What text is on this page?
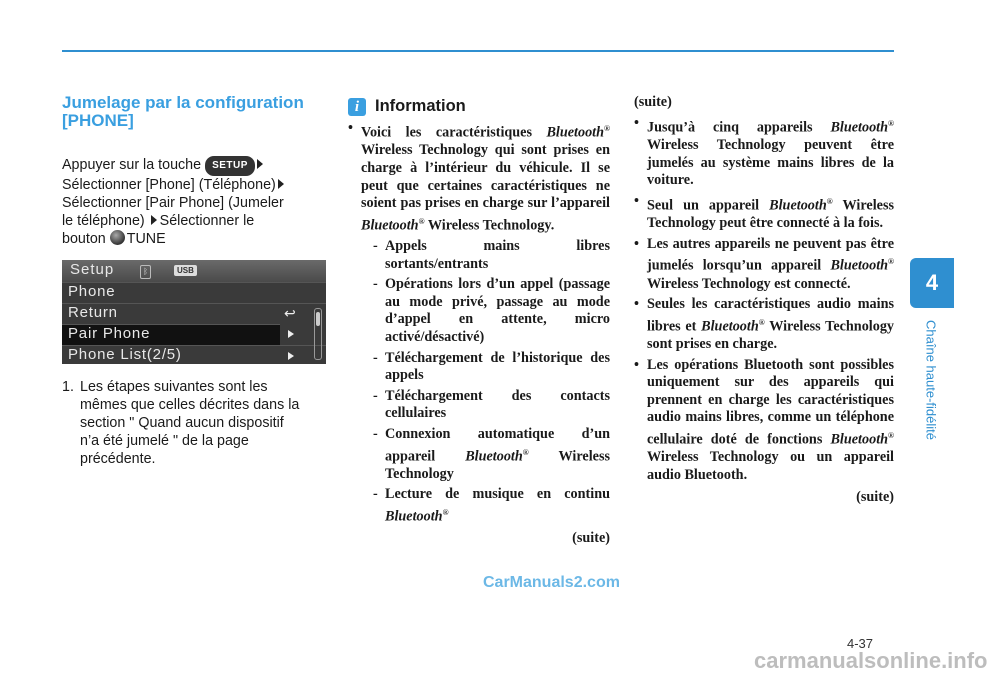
Jumelage par la configuration
[PHONE]
Appuyer sur la touche SETUP
Sélectionner [Phone] (Téléphone)
Sélectionner [Pair Phone] (Jumeler
le téléphone) Sélectionner le
bouton TUNE
Setup	ᛒ	USB
Phone
Return	↩
Pair Phone
Phone List(2/5)
1. Les étapes suivantes sont les
mêmes que celles décrites dans la
section " Quand aucun dispositif
n’a été jumelé " de la page
précédente.
i Information
• Voici les caractéristiques Bluetooth® Wireless Technology qui sont prises en charge à l’intérieur du véhicule. Il se peut que certaines caractéristiques ne soient pas prises en charge sur l’appareil Bluetooth® Wireless Technology.
- Appels mains libres sortants/entrants
- Opérations lors d’un appel (passage au mode privé, passage au mode d’appel en attente, micro activé/désactivé)
- Téléchargement de l’historique des appels
- Téléchargement des contacts cellulaires
- Connexion automatique d’un appareil Bluetooth® Wireless Technology
- Lecture de musique en continu Bluetooth®
(suite)
(suite)
• Jusqu’à cinq appareils Bluetooth® Wireless Technology peuvent être jumelés au système mains libres de la voiture.
• Seul un appareil Bluetooth® Wireless Technology peut être connecté à la fois.
• Les autres appareils ne peuvent pas être jumelés lorsqu’un appareil Bluetooth® Wireless Technology est connecté.
• Seules les caractéristiques audio mains libres et Bluetooth® Wireless Technology sont prises en charge.
• Les opérations Bluetooth sont possibles uniquement sur des appareils qui prennent en charge les caractéristiques audio mains libres, comme un téléphone cellulaire doté de fonctions Bluetooth® Wireless Technology ou un appareil audio Bluetooth.
(suite)
4
Chaîne haute-fidélité
4-37
CarManuals2.com
carmanualsonline.info
